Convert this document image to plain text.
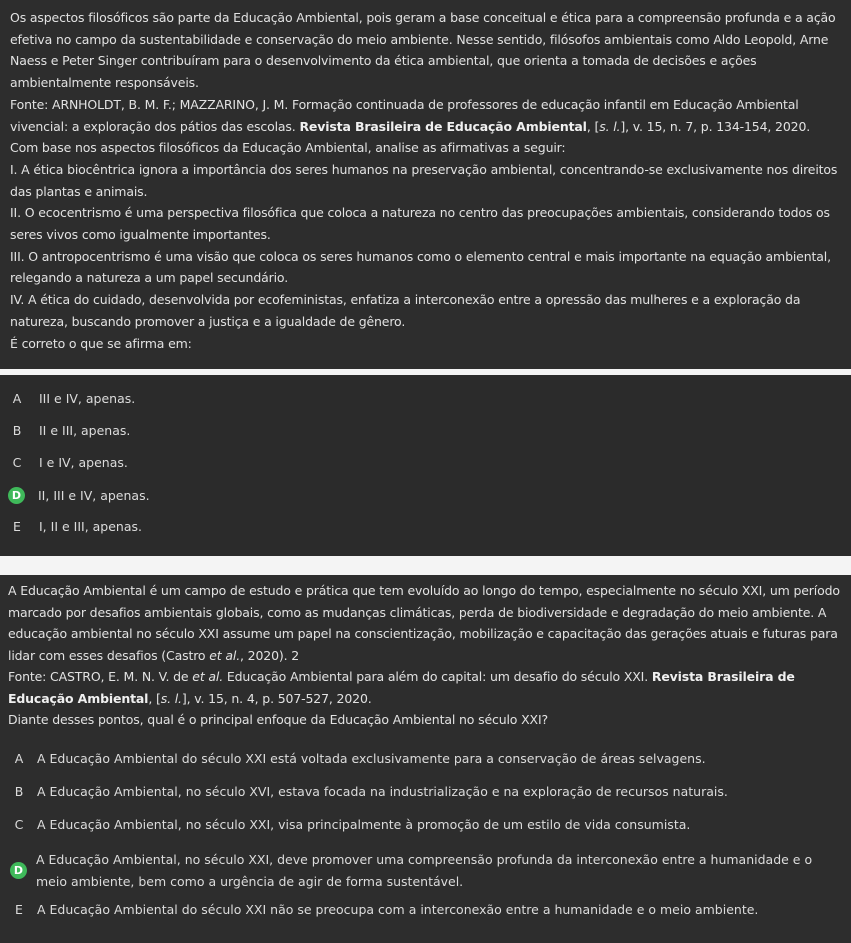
Os aspectos filosóficos são parte da Educação Ambiental, pois geram a base conceitual e ética para a compreensão profunda e a ação efetiva no campo da sustentabilidade e conservação do meio ambiente. Nesse sentido, filósofos ambientais como Aldo Leopold, Arne Naess e Peter Singer contribuíram para o desenvolvimento da ética ambiental, que orienta a tomada de decisões e ações ambientalmente responsáveis.

Fonte: ARNHOLDT, B. M. F.; MAZZARINO, J. M. Formação continuada de professores de educação infantil em Educação Ambiental vivencial: a exploração dos pátios das escolas. Revista Brasileira de Educação Ambiental, [s. l.], v. 15, n. 7, p. 134-154, 2020.

Com base nos aspectos filosóficos da Educação Ambiental, analise as afirmativas a seguir:

I. A ética biocêntrica ignora a importância dos seres humanos na preservação ambiental, concentrando-se exclusivamente nos direitos das plantas e animais.

II. O ecocentrismo é uma perspectiva filosófica que coloca a natureza no centro das preocupações ambientais, considerando todos os seres vivos como igualmente importantes.

III. O antropocentrismo é uma visão que coloca os seres humanos como o elemento central e mais importante na equação ambiental, relegando a natureza a um papel secundário.

IV. A ética do cuidado, desenvolvida por ecofeministas, enfatiza a interconexão entre a opressão das mulheres e a exploração da natureza, buscando promover a justiça e a igualdade de gênero.

É correto o que se afirma em:

A	III e IV, apenas.
B	II e III, apenas.
C	I e IV, apenas.
D	II, III e IV, apenas.
E	I, II e III, apenas.

A Educação Ambiental é um campo de estudo e prática que tem evoluído ao longo do tempo, especialmente no século XXI, um período marcado por desafios ambientais globais, como as mudanças climáticas, perda de biodiversidade e degradação do meio ambiente. A educação ambiental no século XXI assume um papel na conscientização, mobilização e capacitação das gerações atuais e futuras para lidar com esses desafios (Castro et al., 2020). 2

Fonte: CASTRO, E. M. N. V. de et al. Educação Ambiental para além do capital: um desafio do século XXI. Revista Brasileira de Educação Ambiental, [s. l.], v. 15, n. 4, p. 507-527, 2020.

Diante desses pontos, qual é o principal enfoque da Educação Ambiental no século XXI?

A	A Educação Ambiental do século XXI está voltada exclusivamente para a conservação de áreas selvagens.
B	A Educação Ambiental, no século XVI, estava focada na industrialização e na exploração de recursos naturais.
C	A Educação Ambiental, no século XXI, visa principalmente à promoção de um estilo de vida consumista.
D
A Educação Ambiental, no século XXI, deve promover uma compreensão profunda da interconexão entre a humanidade e o meio ambiente, bem como a urgência de agir de forma sustentável.
E	A Educação Ambiental do século XXI não se preocupa com a interconexão entre a humanidade e o meio ambiente.
